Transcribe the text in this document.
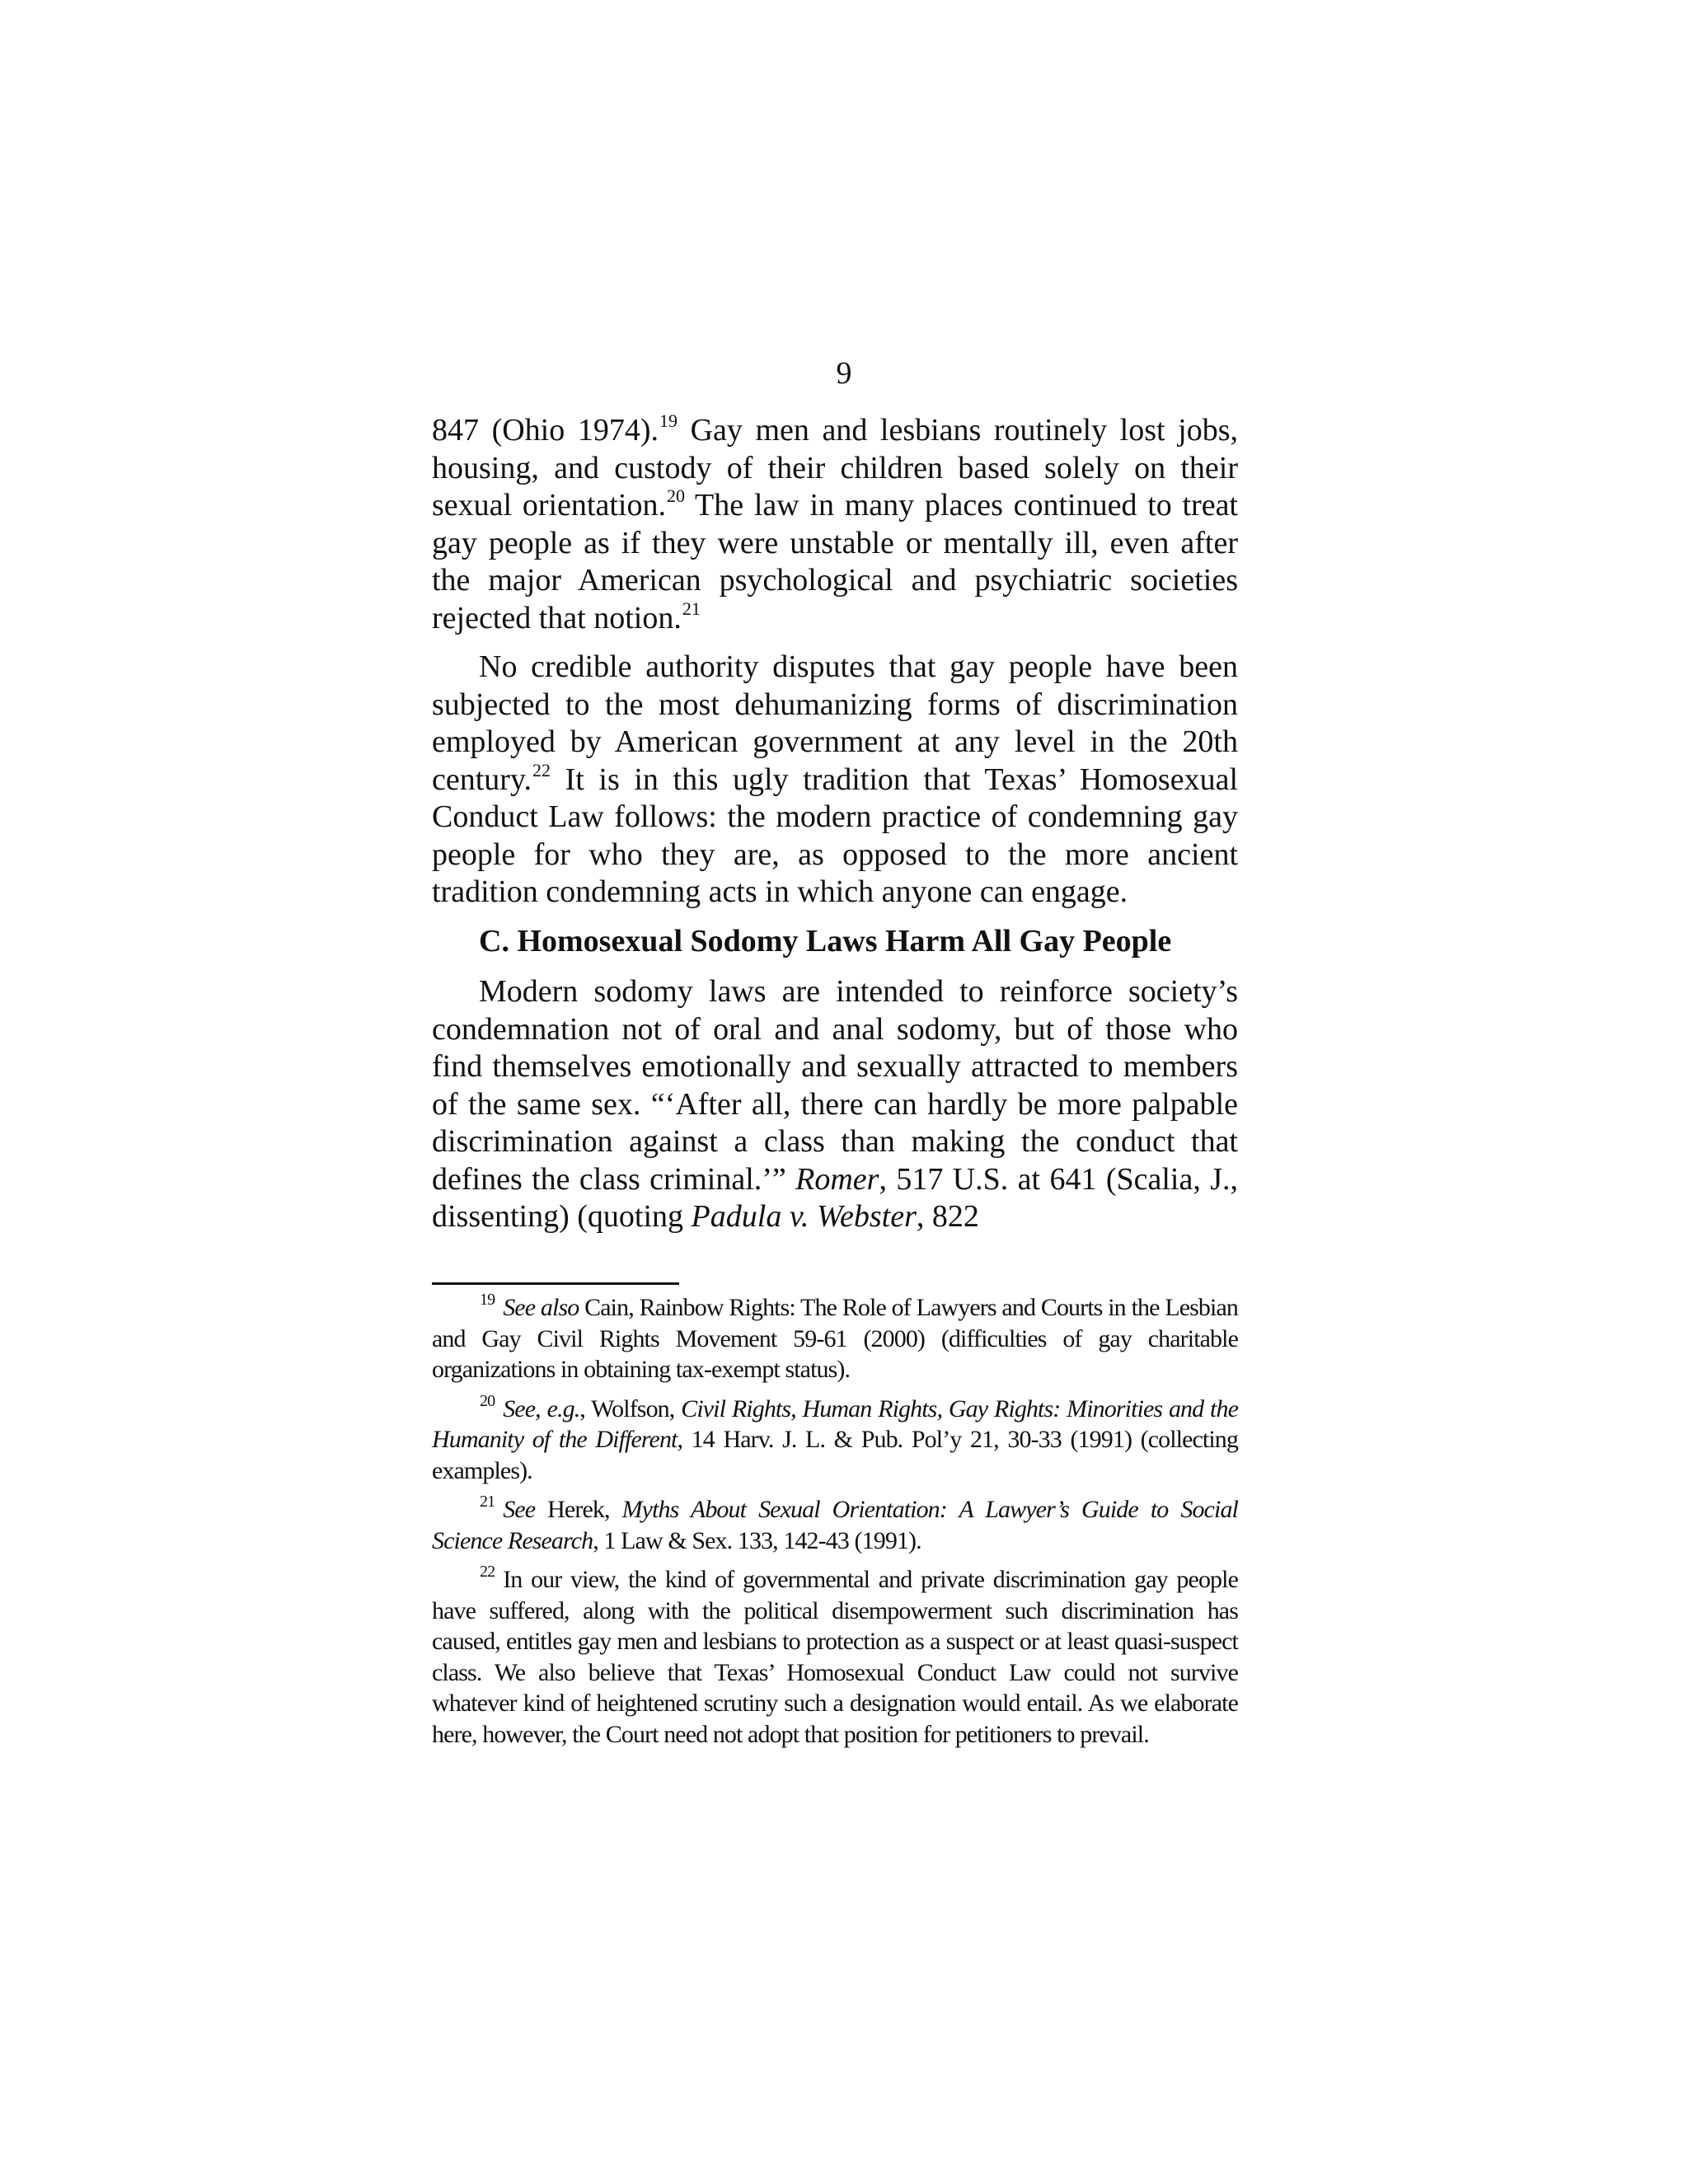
9

847 (Ohio 1974).$^{19}$ Gay men and lesbians routinely lost jobs, housing, and custody of their children based solely on their sexual orientation.$^{20}$ The law in many places continued to treat gay people as if they were unstable or mentally ill, even after the major American psychological and psychiatric societies rejected that notion.$^{21}$

No credible authority disputes that gay people have been subjected to the most dehumanizing forms of discrimination employed by American government at any level in the 20th century.$^{22}$ It is in this ugly tradition that Texas’ Homosexual Conduct Law follows: the modern practice of condemning gay people for who they are, as opposed to the more ancient tradition condemning acts in which anyone can engage.

C. Homosexual Sodomy Laws Harm All Gay People

Modern sodomy laws are intended to reinforce society’s condemnation not of oral and anal sodomy, but of those who find themselves emotionally and sexually attracted to members of the same sex. “‘After all, there can hardly be more palpable discrimination against a class than making the conduct that defines the class criminal.’” Romer, 517 U.S. at 641 (Scalia, J., dissenting) (quoting Padula v. Webster, 822

$^{19}$ See also Cain, Rainbow Rights: The Role of Lawyers and Courts in the Lesbian and Gay Civil Rights Movement 59-61 (2000) (difficulties of gay charitable organizations in obtaining tax-exempt status).

$^{20}$ See, e.g., Wolfson, Civil Rights, Human Rights, Gay Rights: Minorities and the Humanity of the Different, 14 Harv. J. L. & Pub. Pol’y 21, 30-33 (1991) (collecting examples).

$^{21}$ See Herek, Myths About Sexual Orientation: A Lawyer’s Guide to Social Science Research, 1 Law & Sex. 133, 142-43 (1991).

$^{22}$ In our view, the kind of governmental and private discrimination gay people have suffered, along with the political disempowerment such discrimination has caused, entitles gay men and lesbians to protection as a suspect or at least quasi-suspect class. We also believe that Texas’ Homosexual Conduct Law could not survive whatever kind of heightened scrutiny such a designation would entail. As we elaborate here, however, the Court need not adopt that position for petitioners to prevail.
